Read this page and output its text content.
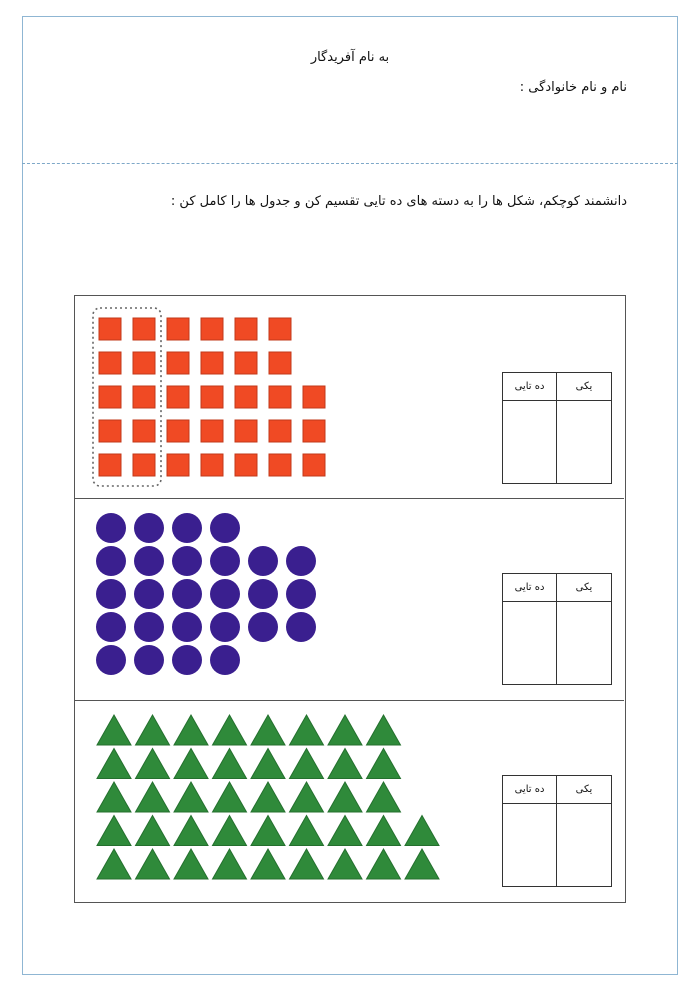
به نام آفریدگار
نام و نام خانوادگی :
دانشمند کوچکم، شکل ها را به دسته های ده تایی تقسیم کن و جدول ها را کامل کن :
ده تایی	یکی
ده تایی	یکی
ده تایی	یکی
